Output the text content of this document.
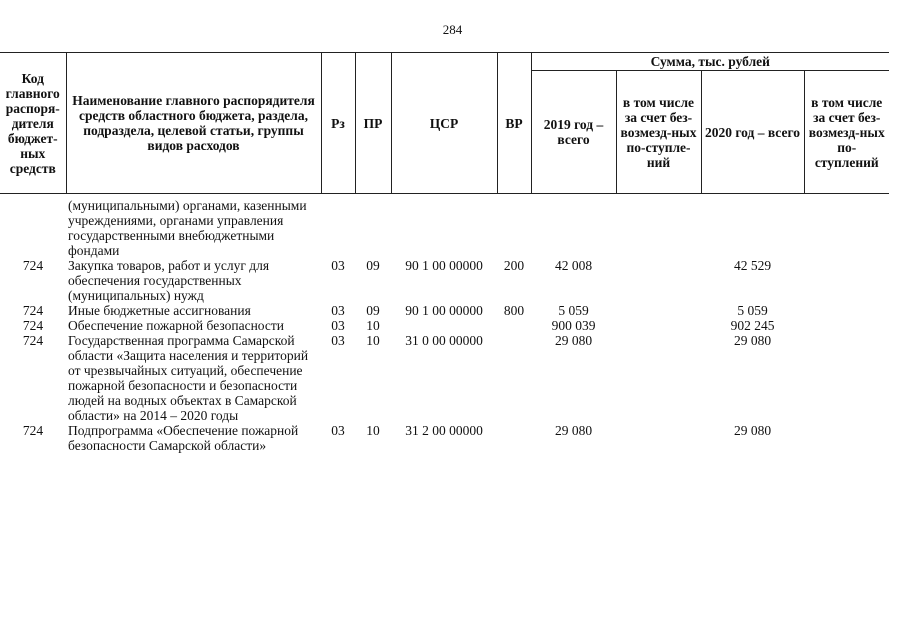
284
Код главного распоря-дителя бюджет-ных средств	Наименование главного распорядителя средств областного бюджета, раздела, подраздела, целевой статьи, группы видов расходов	Рз	ПР	ЦСР	ВР	Сумма, тыс. рублей			
						2019 год – всего	в том числе за счет без-возмезд-ных по-ступле-ний	2020 год – всего	в том числе за счет без-возмезд-ных по-ступлений

	(муниципальными) органами, казенными учреждениями, органами управления государственными внебюджетными фондами								
724	Закупка товаров, работ и услуг для обеспечения государственных (муниципальных) нужд	03	09	90 1 00 00000	200	42 008		42 529	
724	Иные бюджетные ассигнования	03	09	90 1 00 00000	800	5 059		5 059	
724	Обеспечение пожарной безопасности	03	10			900 039		902 245	
724	Государственная программа Самарской области «Защита населения и территорий от чрезвычайных ситуаций, обеспечение пожарной безопасности и безопасности людей на водных объектах в Самарской области» на 2014 – 2020 годы	03	10	31 0 00 00000		29 080		29 080	
724	Подпрограмма «Обеспечение пожарной безопасности Самарской области»	03	10	31 2 00 00000		29 080		29 080	
